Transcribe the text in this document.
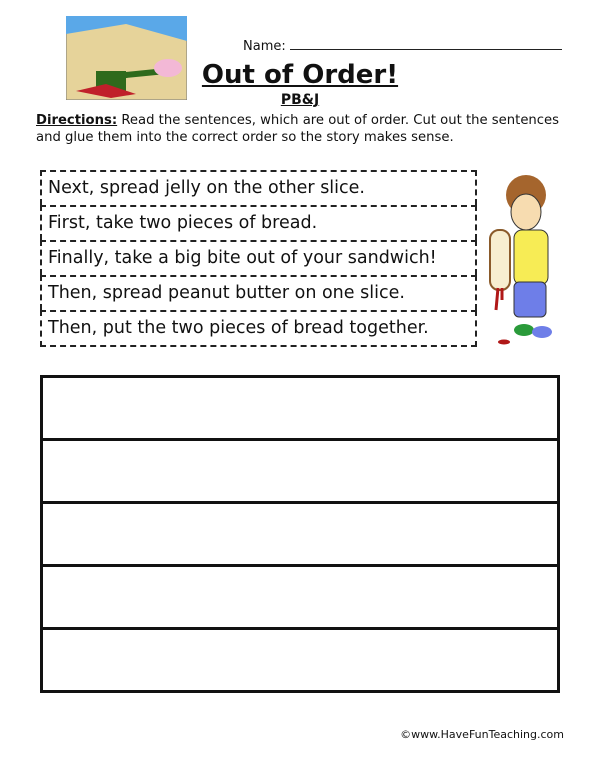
Name:
Out of Order!
PB&J
Directions: Read the sentences, which are out of order. Cut out the sentences and glue them into the correct order so the story makes sense.
Next, spread jelly on the other slice.
First, take two pieces of bread.
Finally, take a big bite out of your sandwich!
Then, spread peanut butter on one slice.
Then, put the two pieces of bread together.
©www.HaveFunTeaching.com
